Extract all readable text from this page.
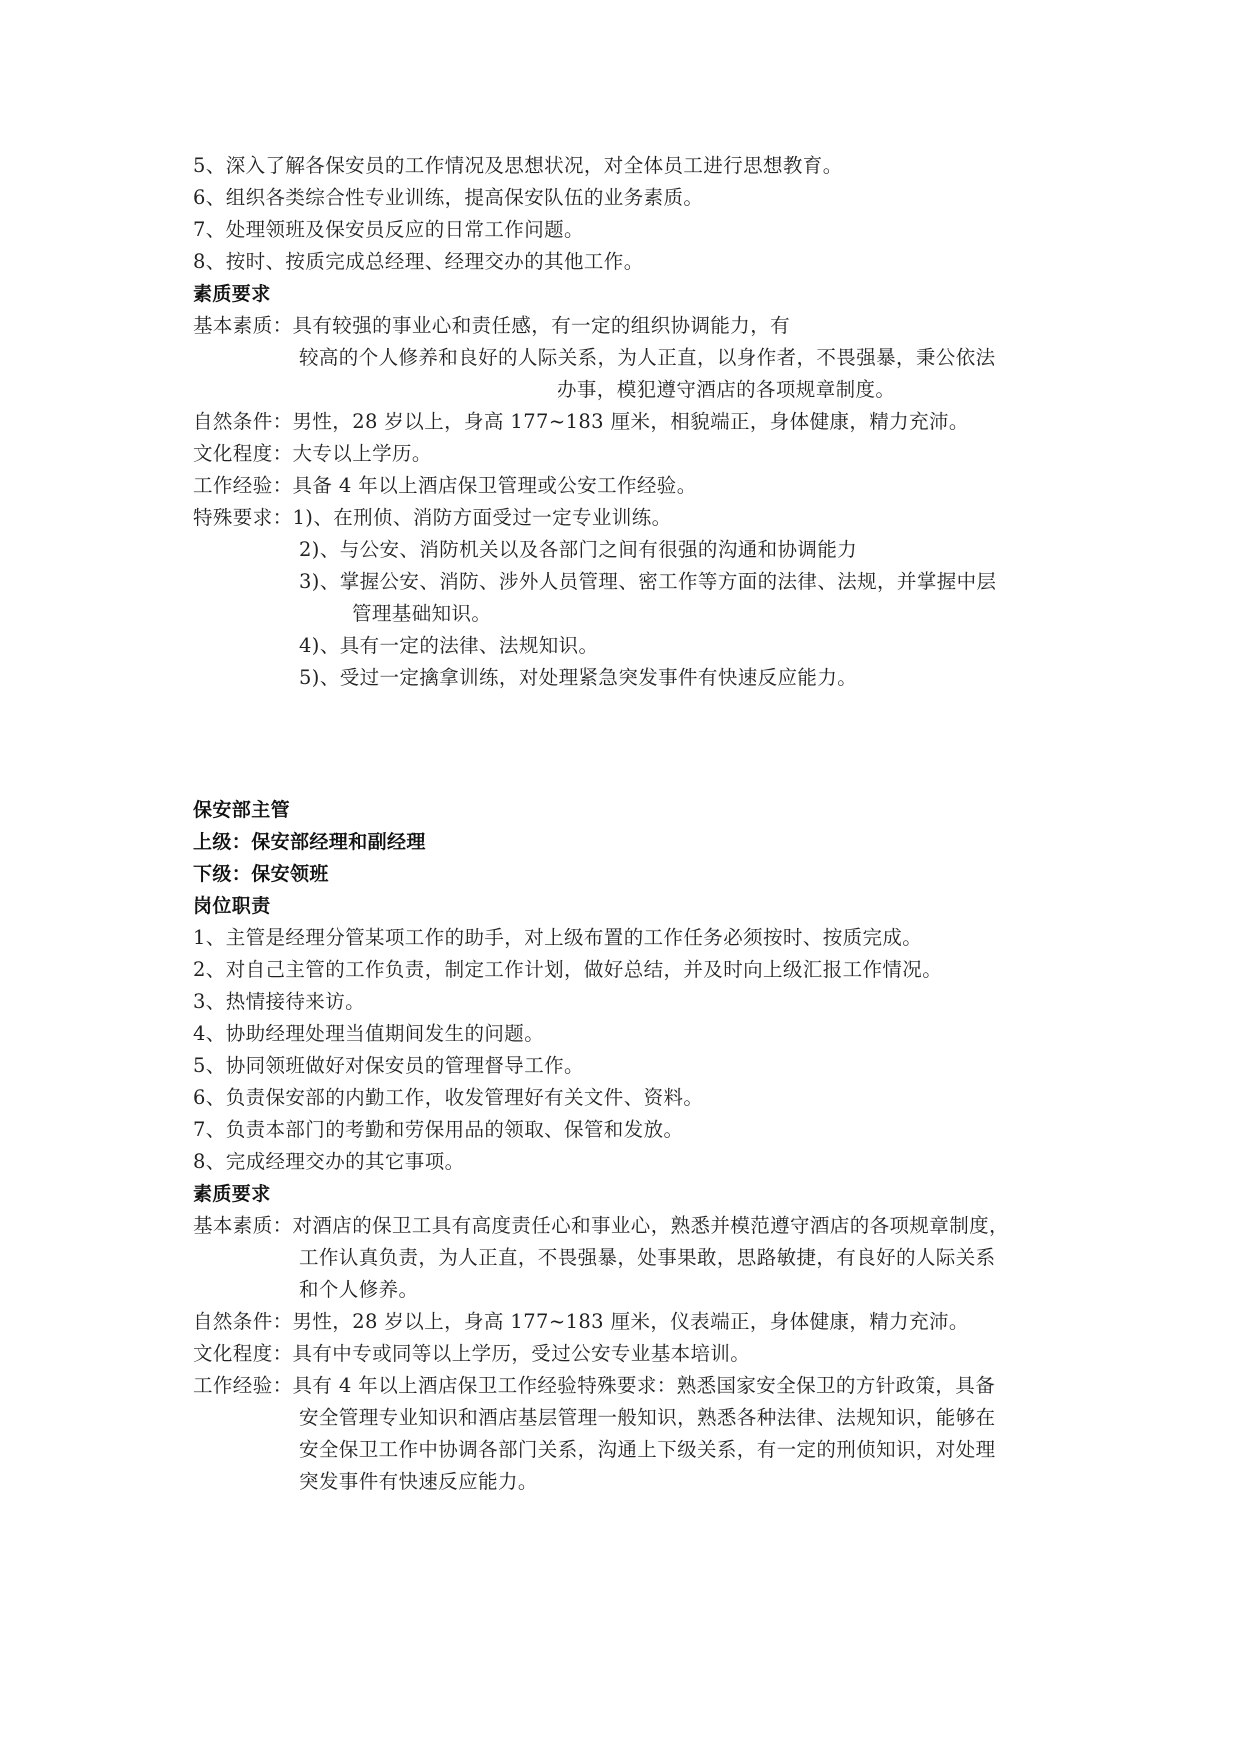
5、深入了解各保安员的工作情况及思想状况，对全体员工进行思想教育。
6、组织各类综合性专业训练，提高保安队伍的业务素质。
7、处理领班及保安员反应的日常工作问题。
8、按时、按质完成总经理、经理交办的其他工作。
素质要求
基本素质：具有较强的事业心和责任感，有一定的组织协调能力，有
较高的个人修养和良好的人际关系，为人正直，以身作者，不畏强暴，秉公依法
办事，模犯遵守酒店的各项规章制度。
自然条件：男性，28 岁以上，身高 177~183 厘米，相貌端正，身体健康，精力充沛。
文化程度：大专以上学历。
工作经验：具备 4 年以上酒店保卫管理或公安工作经验。
特殊要求：1)、在刑侦、消防方面受过一定专业训练。
2)、与公安、消防机关以及各部门之间有很强的沟通和协调能力
3)、掌握公安、消防、涉外人员管理、密工作等方面的法律、法规，并掌握中层
管理基础知识。
4)、具有一定的法律、法规知识。
5)、受过一定擒拿训练，对处理紧急突发事件有快速反应能力。
保安部主管
上级：保安部经理和副经理
下级：保安领班
岗位职责
1、主管是经理分管某项工作的助手，对上级布置的工作任务必须按时、按质完成。
2、对自己主管的工作负责，制定工作计划，做好总结，并及时向上级汇报工作情况。
3、热情接待来访。
4、协助经理处理当值期间发生的问题。
5、协同领班做好对保安员的管理督导工作。
6、负责保安部的内勤工作，收发管理好有关文件、资料。
7、负责本部门的考勤和劳保用品的领取、保管和发放。
8、完成经理交办的其它事项。
素质要求
基本素质：对酒店的保卫工具有高度责任心和事业心，熟悉并模范遵守酒店的各项规章制度，
工作认真负责，为人正直，不畏强暴，处事果敢，思路敏捷，有良好的人际关系
和个人修养。
自然条件：男性，28 岁以上，身高 177~183 厘米，仪表端正，身体健康，精力充沛。
文化程度：具有中专或同等以上学历，受过公安专业基本培训。
工作经验：具有 4 年以上酒店保卫工作经验特殊要求：熟悉国家安全保卫的方针政策，具备
安全管理专业知识和酒店基层管理一般知识，熟悉各种法律、法规知识，能够在
安全保卫工作中协调各部门关系，沟通上下级关系，有一定的刑侦知识，对处理
突发事件有快速反应能力。
